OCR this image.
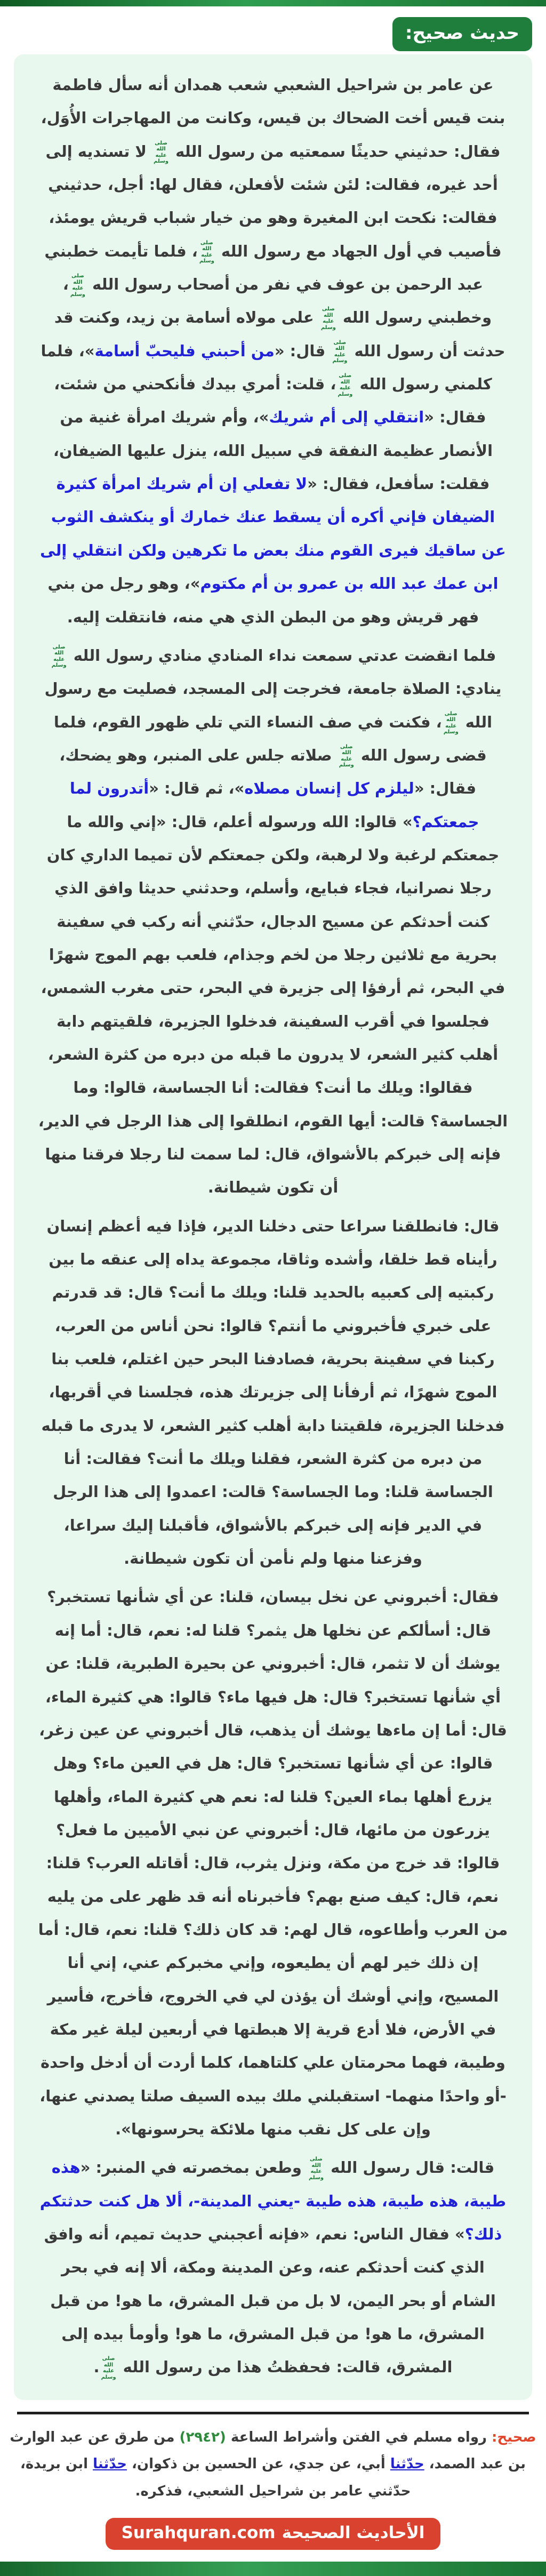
حديث صحيح:

عن عامر بن شراحيل الشعبي شعب همدان أنه سأل فاطمة بنت قيس أخت الضحاك بن قيس، وكانت من المهاجرات الأُوَل، فقال: حدثيني حديثًا سمعتيه من رسول الله صلى الله عليه وسلم لا تسنديه إلى أحد غيره، فقالت: لئن شئت لأفعلن، فقال لها: أجل، حدثيني فقالت: نكحت ابن المغيرة وهو من خيار شباب قريش يومئذ، فأصيب في أول الجهاد مع رسول الله صلى الله عليه وسلم، فلما تأيمت خطبني عبد الرحمن بن عوف في نفر من أصحاب رسول الله صلى الله عليه وسلم، وخطبني رسول الله صلى الله عليه وسلم على مولاه أسامة بن زيد، وكنت قد حدثت أن رسول الله صلى الله عليه وسلم قال: «من أحبني فليحبّ أسامة»، فلما كلمني رسول الله صلى الله عليه وسلم، قلت: أمري بيدك فأنكحني من شئت، فقال: «انتقلي إلى أم شريك»، وأم شريك امرأة غنية من الأنصار عظيمة النفقة في سبيل الله، ينزل عليها الضيفان، فقلت: سأفعل، فقال: «لا تفعلي إن أم شريك امرأة كثيرة الضيفان فإني أكره أن يسقط عنك خمارك أو ينكشف الثوب عن ساقيك فيرى القوم منك بعض ما تكرهين ولكن انتقلي إلى ابن عمك عبد الله بن عمرو بن أم مكتوم»، وهو رجل من بني فهر قريش وهو من البطن الذي هي منه، فانتقلت إليه.

فلما انقضت عدتي سمعت نداء المنادي منادي رسول الله صلى الله عليه وسلم ينادي: الصلاة جامعة، فخرجت إلى المسجد، فصليت مع رسول الله صلى الله عليه وسلم، فكنت في صف النساء التي تلي ظهور القوم، فلما قضى رسول الله صلى الله عليه وسلم صلاته جلس على المنبر، وهو يضحك، فقال: «ليلزم كل إنسان مصلاه»، ثم قال: «أتدرون لما جمعتكم؟» قالوا: الله ورسوله أعلم، قال: «إني والله ما جمعتكم لرغبة ولا لرهبة، ولكن جمعتكم لأن تميما الداري كان رجلا نصرانيا، فجاء فبايع، وأسلم، وحدثني حديثا وافق الذي كنت أحدثكم عن مسيح الدجال، حدّثني أنه ركب في سفينة بحرية مع ثلاثين رجلا من لخم وجذام، فلعب بهم الموج شهرًا في البحر، ثم أرفؤا إلى جزيرة في البحر، حتى مغرب الشمس، فجلسوا في أقرب السفينة، فدخلوا الجزيرة، فلقيتهم دابة أهلب كثير الشعر، لا يدرون ما قبله من دبره من كثرة الشعر، فقالوا: ويلك ما أنت؟ فقالت: أنا الجساسة، قالوا: وما الجساسة؟ قالت: أيها القوم، انطلقوا إلى هذا الرجل في الدير، فإنه إلى خبركم بالأشواق، قال: لما سمت لنا رجلا فرقنا منها أن تكون شيطانة.

قال: فانطلقنا سراعا حتى دخلنا الدير، فإذا فيه أعظم إنسان رأيناه قط خلقا، وأشده وثاقا، مجموعة يداه إلى عنقه ما بين ركبتيه إلى كعبيه بالحديد قلنا: ويلك ما أنت؟ قال: قد قدرتم على خبري فأخبروني ما أنتم؟ قالوا: نحن أناس من العرب، ركبنا في سفينة بحرية، فصادفنا البحر حين اغتلم، فلعب بنا الموج شهرًا، ثم أرفأنا إلى جزيرتك هذه، فجلسنا في أقربها، فدخلنا الجزيرة، فلقيتنا دابة أهلب كثير الشعر، لا يدرى ما قبله من دبره من كثرة الشعر، فقلنا ويلك ما أنت؟ فقالت: أنا الجساسة قلنا: وما الجساسة؟ قالت: اعمدوا إلى هذا الرجل في الدير فإنه إلى خبركم بالأشواق، فأقبلنا إليك سراعا، وفزعنا منها ولم نأمن أن تكون شيطانة.

فقال: أخبروني عن نخل بيسان، قلنا: عن أي شأنها تستخبر؟ قال: أسألكم عن نخلها هل يثمر؟ قلنا له: نعم، قال: أما إنه يوشك أن لا تثمر، قال: أخبروني عن بحيرة الطبرية، قلنا: عن أي شأنها تستخبر؟ قال: هل فيها ماء؟ قالوا: هي كثيرة الماء، قال: أما إن ماءها يوشك أن يذهب، قال أخبروني عن عين زغر، قالوا: عن أي شأنها تستخبر؟ قال: هل في العين ماء؟ وهل يزرع أهلها بماء العين؟ قلنا له: نعم هي كثيرة الماء، وأهلها يزرعون من مائها، قال: أخبروني عن نبي الأميين ما فعل؟ قالوا: قد خرج من مكة، ونزل يثرب، قال: أقاتله العرب؟ قلنا: نعم، قال: كيف صنع بهم؟ فأخبرناه أنه قد ظهر على من يليه من العرب وأطاعوه، قال لهم: قد كان ذلك؟ قلنا: نعم، قال: أما إن ذلك خير لهم أن يطيعوه، وإني مخبركم عني، إني أنا المسيح، وإني أوشك أن يؤذن لي في الخروج، فأخرج، فأسير في الأرض، فلا أدع قرية إلا هبطتها في أربعين ليلة غير مكة وطيبة، فهما محرمتان علي كلتاهما، كلما أردت أن أدخل واحدة -أو واحدًا منهما- استقبلني ملك بيده السيف صلتا يصدني عنها، وإن على كل نقب منها ملائكة يحرسونها».

قالت: قال رسول الله صلى الله عليه وسلم وطعن بمخصرته في المنبر: «هذه طيبة، هذه طيبة، هذه طيبة -يعني المدينة-، ألا هل كنت حدثتكم ذلك؟» فقال الناس: نعم، «فإنه أعجبني حديث تميم، أنه وافق الذي كنت أحدثكم عنه، وعن المدينة ومكة، ألا إنه في بحر الشام أو بحر اليمن، لا بل من قبل المشرق، ما هو! من قبل المشرق، ما هو! من قبل المشرق، ما هو! وأومأ بيده إلى المشرق، قالت: فحفظتُ هذا من رسول الله صلى الله عليه وسلم.

صحيح: رواه مسلم في الفتن وأشراط الساعة (٢٩٤٢) من طرق عن عبد الوارث بن عبد الصمد، حدّثنا أبي، عن جدي، عن الحسين بن ذكوان، حدّثنا ابن بريدة، حدّثني عامر بن شراحيل الشعبي، فذكره.

الأحاديث الصحيحة
Surahquran.com
